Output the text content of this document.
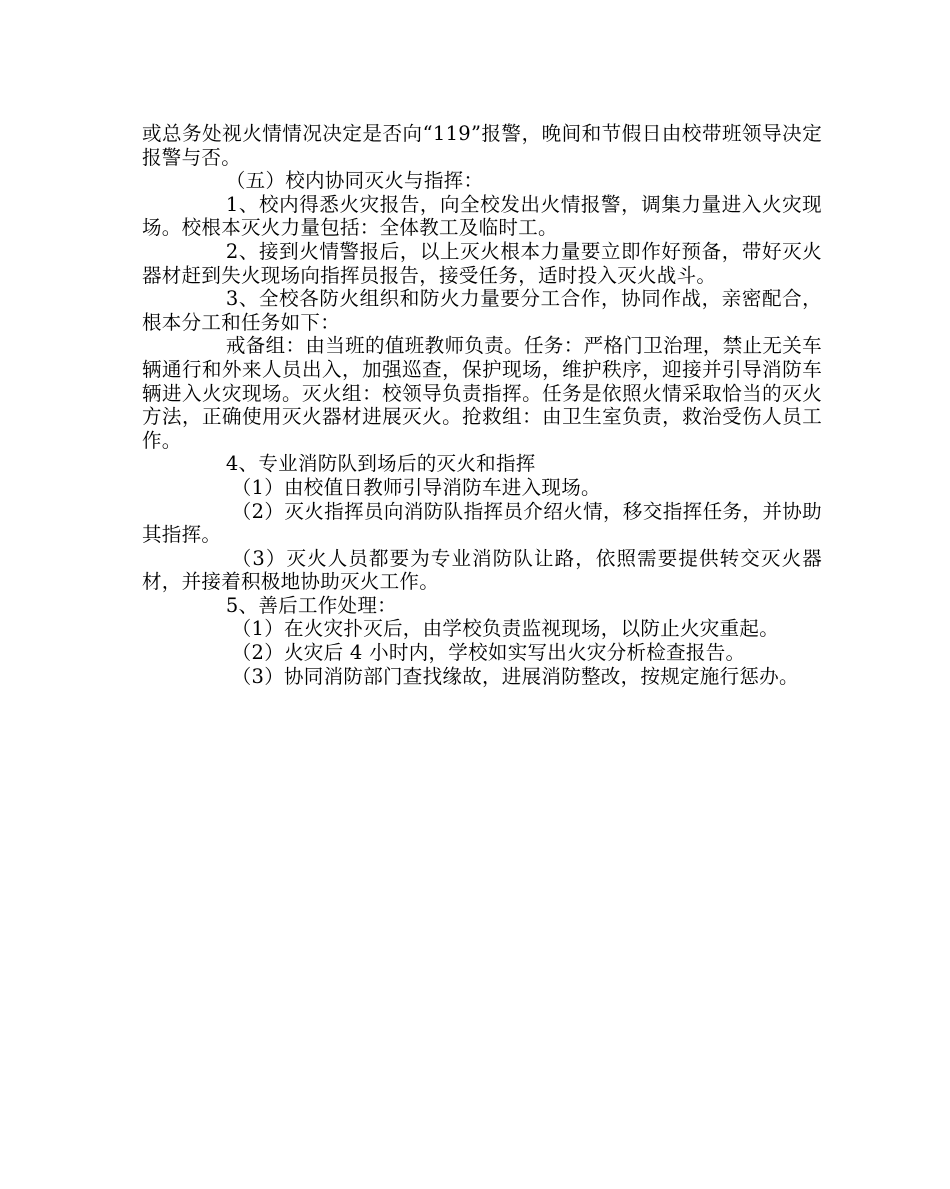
或总务处视火情情况决定是否向“119”报警，晚间和节假日由校带班领导决定报警与否。

（五）校内协同灭火与指挥：

1、校内得悉火灾报告，向全校发出火情报警，调集力量进入火灾现场。校根本灭火力量包括：全体教工及临时工。

2、接到火情警报后，以上灭火根本力量要立即作好预备，带好灭火器材赶到失火现场向指挥员报告，接受任务，适时投入灭火战斗。

3、全校各防火组织和防火力量要分工合作，协同作战，亲密配合，根本分工和任务如下：

戒备组：由当班的值班教师负责。任务：严格门卫治理，禁止无关车辆通行和外来人员出入，加强巡查，保护现场，维护秩序，迎接并引导消防车辆进入火灾现场。灭火组：校领导负责指挥。任务是依照火情采取恰当的灭火方法，正确使用灭火器材进展灭火。抢救组：由卫生室负责，救治受伤人员工作。

4、专业消防队到场后的灭火和指挥

（1）由校值日教师引导消防车进入现场。

（2）灭火指挥员向消防队指挥员介绍火情，移交指挥任务，并协助其指挥。

（3）灭火人员都要为专业消防队让路，依照需要提供转交灭火器材，并接着积极地协助灭火工作。

5、善后工作处理：

（1）在火灾扑灭后，由学校负责监视现场，以防止火灾重起。

（2）火灾后 4 小时内，学校如实写出火灾分析检查报告。

（3）协同消防部门查找缘故，进展消防整改，按规定施行惩办。
